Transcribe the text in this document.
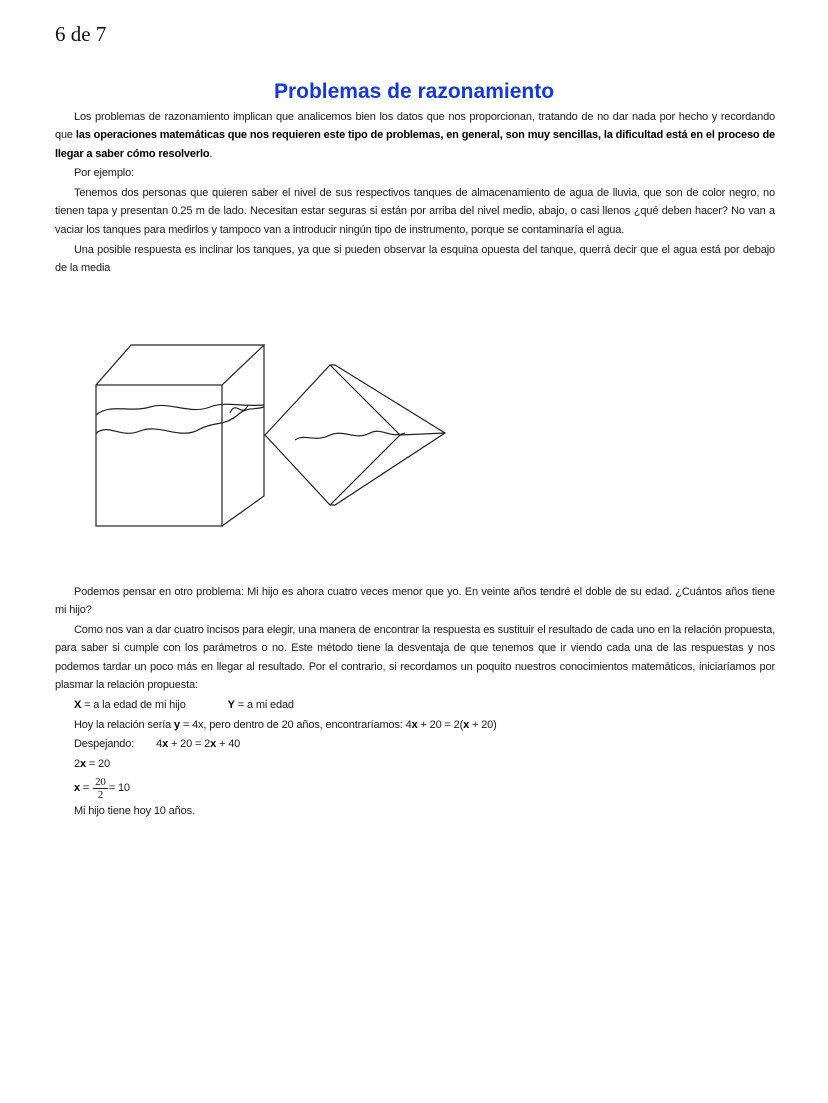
6 de 7
Problemas de razonamiento

Los problemas de razonamiento implican que analicemos bien los datos que nos proporcionan, tratando de no dar nada por hecho y recordando que las operaciones matemáticas que nos requieren este tipo de problemas, en general, son muy sencillas, la dificultad está en el proceso de llegar a saber cómo resolverlo.

Por ejemplo:

Tenemos dos personas que quieren saber el nivel de sus respectivos tanques de almacenamiento de agua de lluvia, que son de color negro, no tienen tapa y presentan 0.25 m de lado. Necesitan estar seguras si están por arriba del nivel medio, abajo, o casi llenos ¿qué deben hacer? No van a vaciar los tanques para medirlos y tampoco van a introducir ningún tipo de instrumento, porque se contaminaría el agua.

Una posible respuesta es inclinar los tanques, ya que si pueden observar la esquina opuesta del tanque, querrá decir que el agua está por debajo de la media

Podemos pensar en otro problema: Mi hijo es ahora cuatro veces menor que yo. En veinte años tendré el doble de su edad. ¿Cuántos años tiene mi hijo?

Como nos van a dar cuatro incisos para elegir, una manera de encontrar la respuesta es sustituir el resultado de cada uno en la relación propuesta, para saber si cumple con los parámetros o no. Este método tiene la desventaja de que tenemos que ir viendo cada una de las respuestas y nos podemos tardar un poco más en llegar al resultado. Por el contrario, si recordamos un poquito nuestros conocimientos matemáticos, iniciaríamos por plasmar la relación propuesta:

X = a la edad de mi hijo	Y = a mi edad

Hoy la relación sería y = 4x, pero dentro de 20 años, encontraríamos: 4x + 20 = 2(x + 20)

Despejando: 4x + 20 = 2x + 40

2x = 20

$x = \frac{20}{2} = 10$

Mi hijo tiene hoy 10 años.
